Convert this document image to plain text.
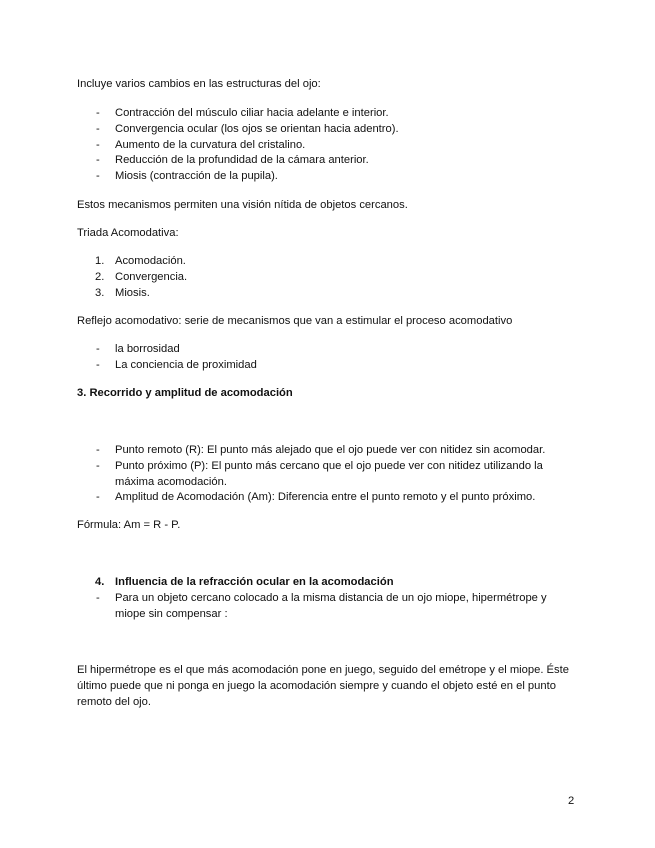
Incluye varios cambios en las estructuras del ojo:

-	Contracción del músculo ciliar hacia adelante e interior.
-	Convergencia ocular (los ojos se orientan hacia adentro).
-	Aumento de la curvatura del cristalino.
-	Reducción de la profundidad de la cámara anterior.
-	Miosis (contracción de la pupila).

Estos mecanismos permiten una visión nítida de objetos cercanos.

Triada Acomodativa:

1. Acomodación.
2. Convergencia.
3. Miosis.

Reflejo acomodativo: serie de mecanismos que van a estimular el proceso acomodativo

-	la borrosidad
-	La conciencia de proximidad

3. Recorrido y amplitud de acomodación

-	Punto remoto (R): El punto más alejado que el ojo puede ver con nitidez sin acomodar.
-	Punto próximo (P): El punto más cercano que el ojo puede ver con nitidez utilizando la máxima acomodación.
-	Amplitud de Acomodación (Am): Diferencia entre el punto remoto y el punto próximo.

Fórmula: Am = R - P.

4. Influencia de la refracción ocular en la acomodación
-	Para un objeto cercano colocado a la misma distancia de un ojo miope, hipermétrope y miope sin compensar :

El hipermétrope es el que más acomodación pone en juego, seguido del emétrope y el miope. Éste último puede que ni ponga en juego la acomodación siempre y cuando el objeto esté en el punto remoto del ojo.

2
